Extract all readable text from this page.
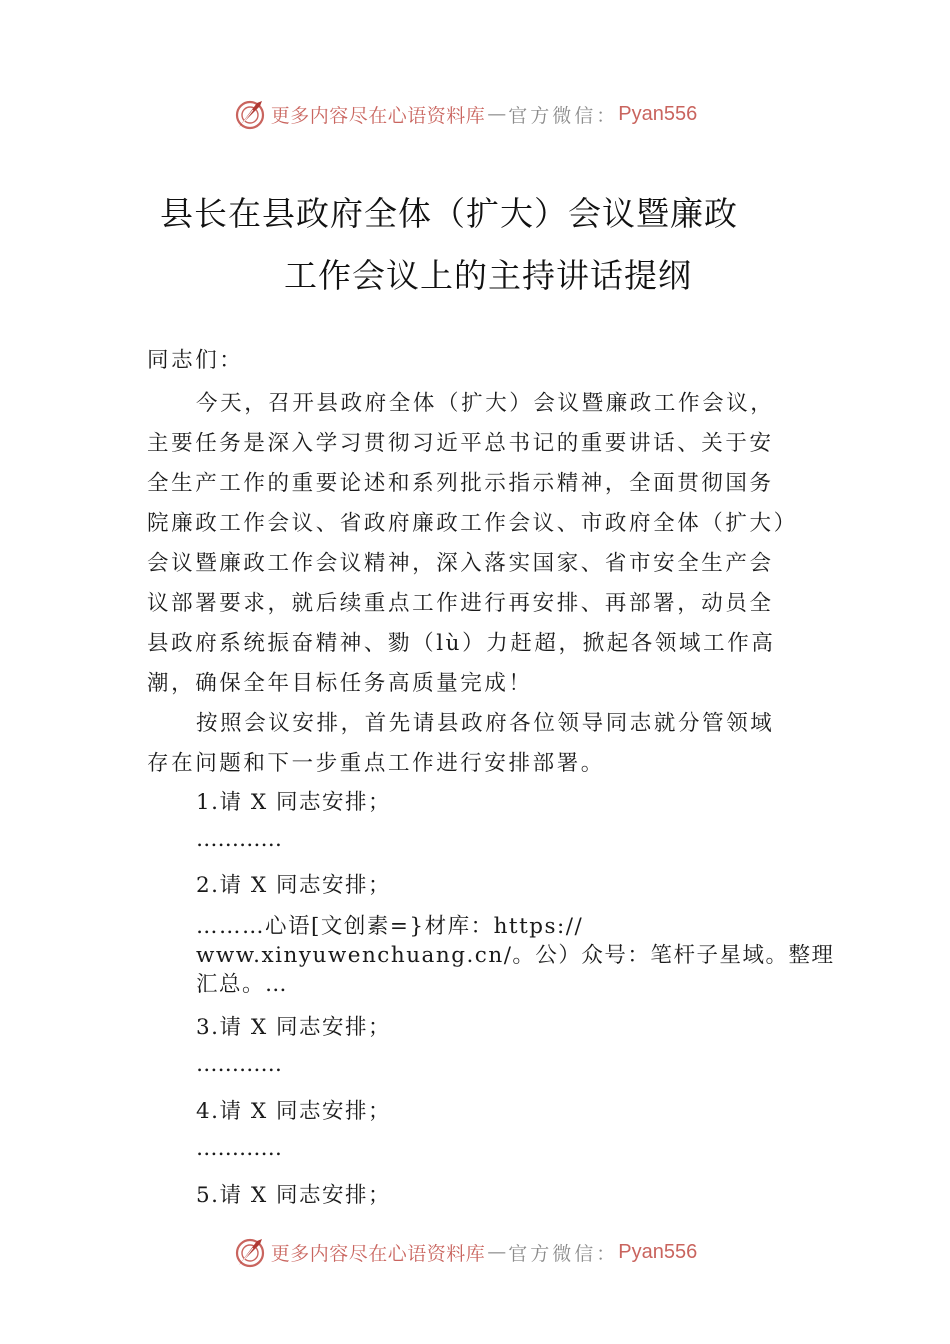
更多内容尽在心语资料库 — 官方微信： Pyan556
县长在县政府全体（扩大）会议暨廉政
工作会议上的主持讲话提纲
同志们：
今天，召开县政府全体（扩大）会议暨廉政工作会议，
主要任务是深入学习贯彻习近平总书记的重要讲话、关于安
全生产工作的重要论述和系列批示指示精神，全面贯彻国务
院廉政工作会议、省政府廉政工作会议、市政府全体（扩大）
会议暨廉政工作会议精神，深入落实国家、省市安全生产会
议部署要求，就后续重点工作进行再安排、再部署，动员全
县政府系统振奋精神、勠（lù）力赶超，掀起各领域工作高
潮，确保全年目标任务高质量完成！
按照会议安排，首先请县政府各位领导同志就分管领域
存在问题和下一步重点工作进行安排部署。
1.请 X 同志安排；
…………
2.请 X 同志安排；
………心语[文创素=}材库：https://
www.xinyuwenchuang.cn/。公）众号：笔杆子星域。整理
汇总。…
3.请 X 同志安排；
…………
4.请 X 同志安排；
…………
5.请 X 同志安排；
更多内容尽在心语资料库 — 官方微信： Pyan556
